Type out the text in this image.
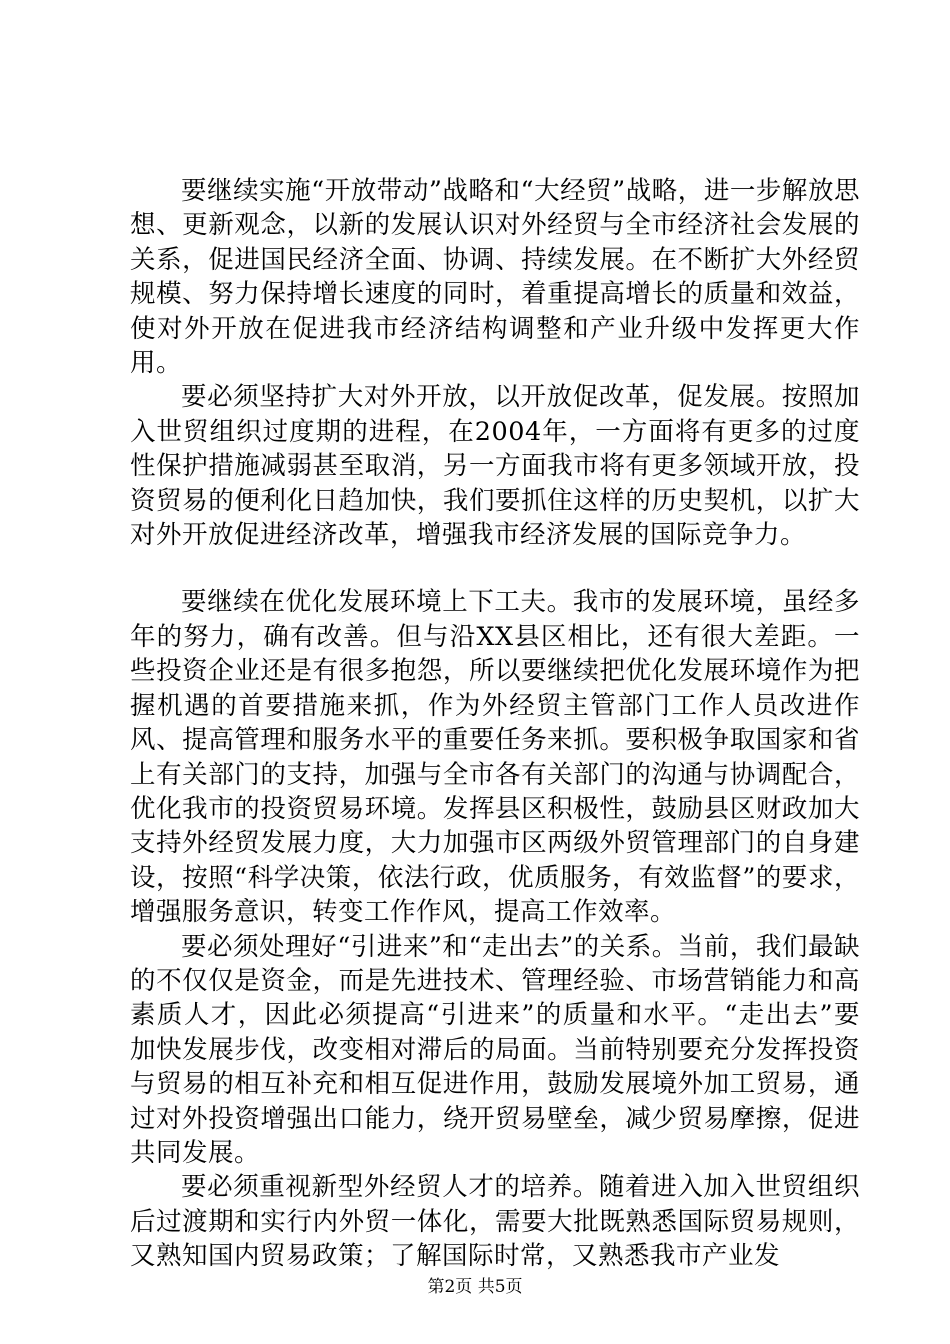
要继续实施“开放带动”战略和“大经贸”战略，进一步解放思想、更新观念，以新的发展认识对外经贸与全市经济社会发展的关系，促进国民经济全面、协调、持续发展。在不断扩大外经贸规模、努力保持增长速度的同时，着重提高增长的质量和效益，使对外开放在促进我市经济结构调整和产业升级中发挥更大作用。

要必须坚持扩大对外开放，以开放促改革，促发展。按照加入世贸组织过度期的进程，在2004年，一方面将有更多的过度性保护措施减弱甚至取消，另一方面我市将有更多领域开放，投资贸易的便利化日趋加快，我们要抓住这样的历史契机，以扩大对外开放促进经济改革，增强我市经济发展的国际竞争力。

要继续在优化发展环境上下工夫。我市的发展环境，虽经多年的努力，确有改善。但与沿XX县区相比，还有很大差距。一些投资企业还是有很多抱怨，所以要继续把优化发展环境作为把握机遇的首要措施来抓，作为外经贸主管部门工作人员改进作风、提高管理和服务水平的重要任务来抓。要积极争取国家和省上有关部门的支持，加强与全市各有关部门的沟通与协调配合，优化我市的投资贸易环境。发挥县区积极性，鼓励县区财政加大支持外经贸发展力度，大力加强市区两级外贸管理部门的自身建设，按照“科学决策，依法行政，优质服务，有效监督”的要求，增强服务意识，转变工作作风，提高工作效率。

要必须处理好“引进来”和“走出去”的关系。当前，我们最缺的不仅仅是资金，而是先进技术、管理经验、市场营销能力和高素质人才，因此必须提高“引进来”的质量和水平。“走出去”要加快发展步伐，改变相对滞后的局面。当前特别要充分发挥投资与贸易的相互补充和相互促进作用，鼓励发展境外加工贸易，通过对外投资增强出口能力，绕开贸易壁垒，减少贸易摩擦，促进共同发展。

要必须重视新型外经贸人才的培养。随着进入加入世贸组织后过渡期和实行内外贸一体化，需要大批既熟悉国际贸易规则，又熟知国内贸易政策；了解国际时常，又熟悉我市产业发

第2页 共5页
